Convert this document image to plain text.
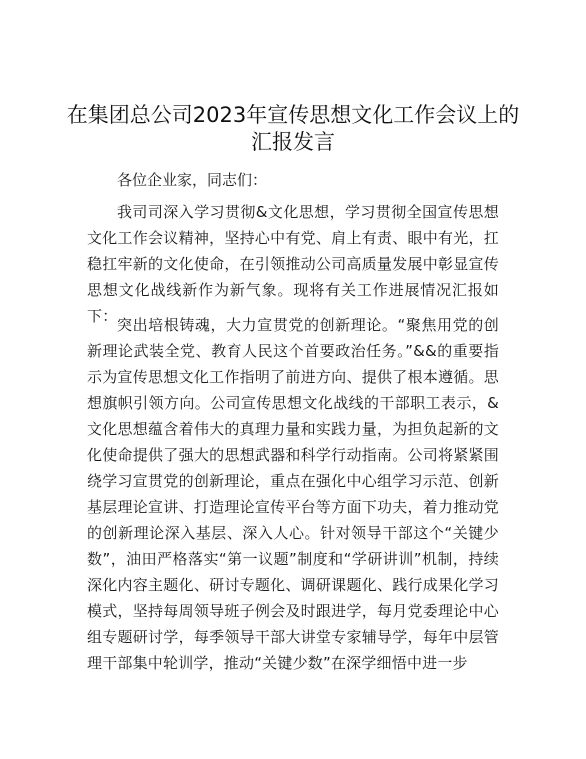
在集团总公司2023年宣传思想文化工作会议上的汇报发言

各位企业家，同志们：

我司司深入学习贯彻&文化思想，学习贯彻全国宣传思想文化工作会议精神，坚持心中有党、肩上有责、眼中有光，扛稳扛牢新的文化使命，在引领推动公司高质量发展中彰显宣传思想文化战线新作为新气象。现将有关工作进展情况汇报如下： 突出培根铸魂，大力宣贯党的创新理论。“聚焦用党的创新理论武装全党、教育人民这个首要政治任务。”&&的重要指示为宣传思想文化工作指明了前进方向、提供了根本遵循。思想旗帜引领方向。公司宣传思想文化战线的干部职工表示，&文化思想蕴含着伟大的真理力量和实践力量，为担负起新的文化使命提供了强大的思想武器和科学行动指南。公司将紧紧围绕学习宣贯党的创新理论，重点在强化中心组学习示范、创新基层理论宣讲、打造理论宣传平台等方面下功夫，着力推动党的创新理论深入基层、深入人心。针对领导干部这个“关键少数”，油田严格落实“第一议题”制度和“学研讲训”机制，持续深化内容主题化、研讨专题化、调研课题化、践行成果化学习模式，坚持每周领导班子例会及时跟进学，每月党委理论中心组专题研讨学，每季领导干部大讲堂专家辅导学，每年中层管理干部集中轮训学，推动“关键少数”在深学细悟中进一步
